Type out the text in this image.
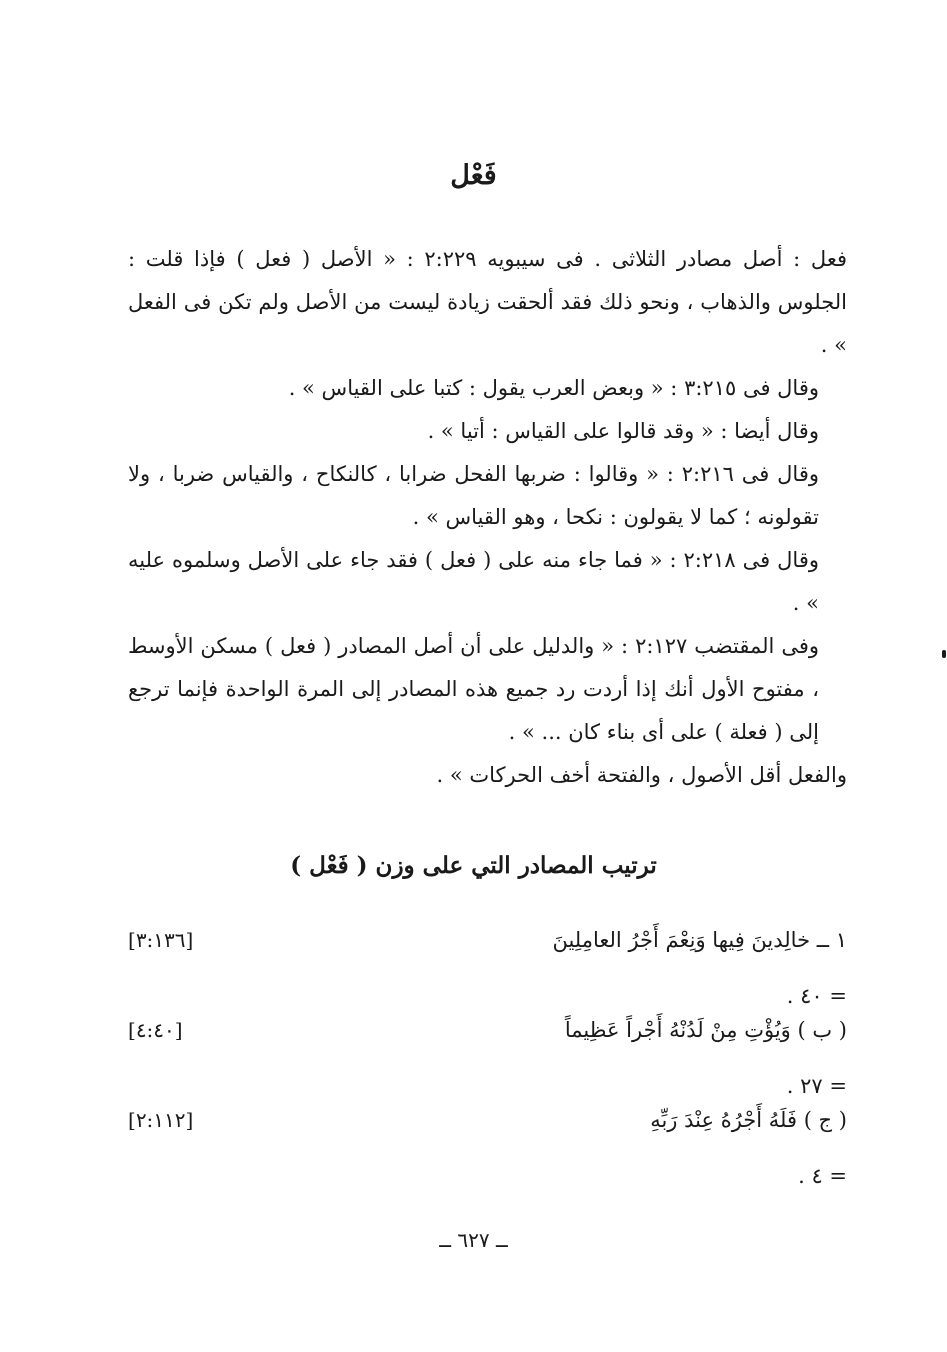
فَعْل

فعل : أصل مصادر الثلاثى . فى سيبويه ٢:٢٢٩ : « الأصل ( فعل ) فإذا قلت : الجلوس والذهاب ، ونحو ذلك فقد ألحقت زيادة ليست من الأصل ولم تكن فى الفعل » .

وقال فى ٣:٢١٥ : « وبعض العرب يقول : كتبا على القياس » .

وقال أيضا : « وقد قالوا على القياس : أتيا » .

وقال فى ٢:٢١٦ : « وقالوا : ضربها الفحل ضرابا ، كالنكاح ، والقياس ضربا ، ولا تقولونه ؛ كما لا يقولون : نكحا ، وهو القياس » .

وقال فى ٢:٢١٨ : « فما جاء منه على ( فعل ) فقد جاء على الأصل وسلموه عليه » .

وفى المقتضب ٢:١٢٧ : « والدليل على أن أصل المصادر ( فعل ) مسكن الأوسط ، مفتوح الأول أنك إذا أردت رد جميع هذه المصادر إلى المرة الواحدة فإنما ترجع إلى ( فعلة ) على أى بناء كان ... » .

والفعل أقل الأصول ، والفتحة أخف الحركات » .

ترتيب المصادر التي على وزن ( فَعْل )
١ ــ خالِدينَ فِيها وَنِعْمَ أَجْرُ العامِلِينَ
[٣:١٣٦]
= ٤٠ .
( ب ) وَيُؤْتِ مِنْ لَدُنْهُ أَجْراً عَظِيماً
[٤:٤٠]
= ٢٧ .
( ج ) فَلَهُ أَجْرُهُ عِنْدَ رَبِّهِ
[٢:١١٢]
= ٤ .
ــ ٦٢٧ ــ
